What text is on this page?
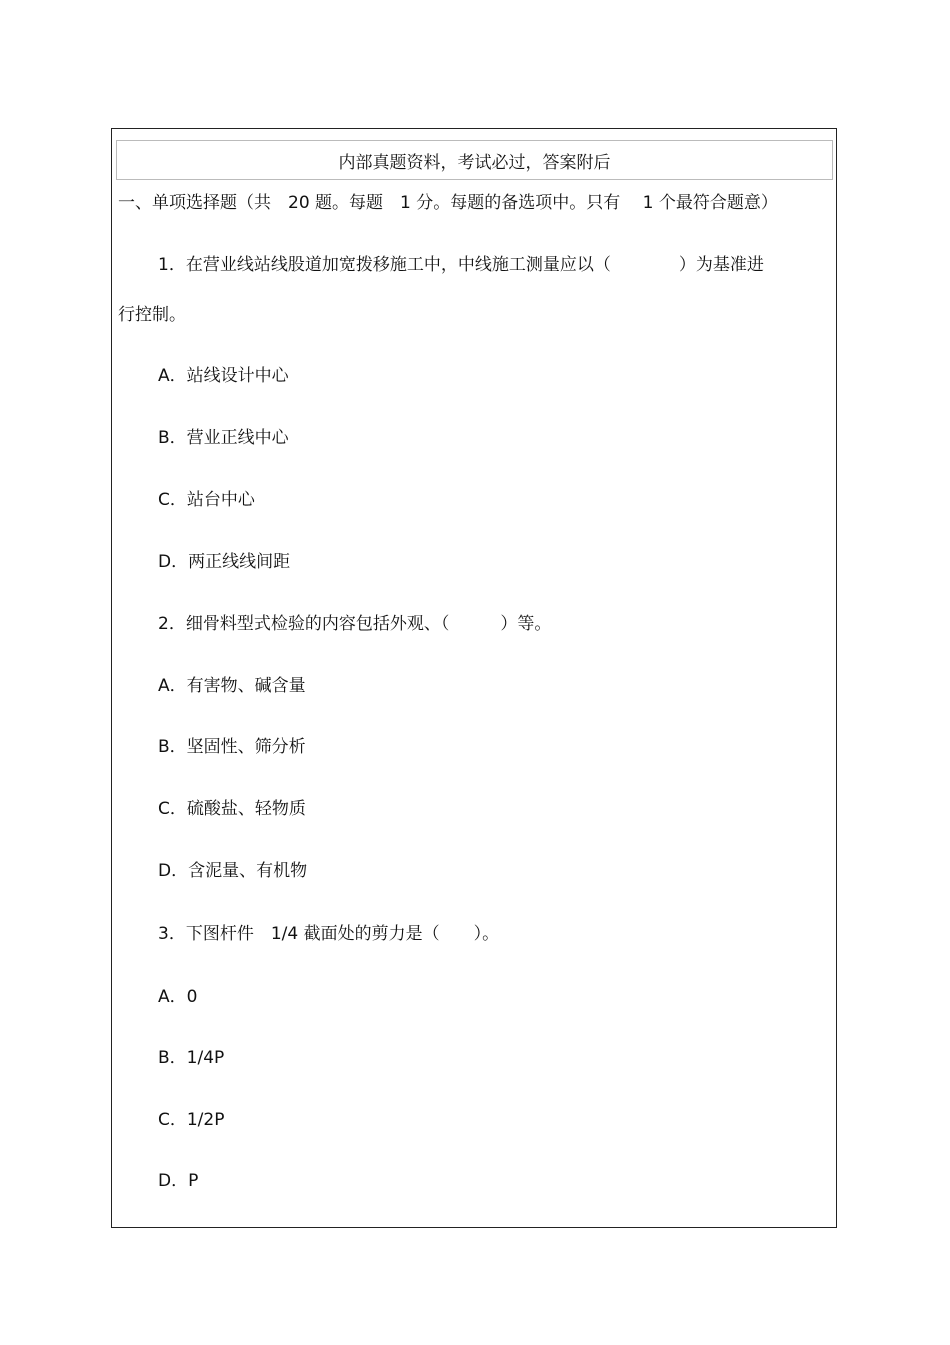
内部真题资料，考试必过，答案附后
一、单项选择题（共　20 题。每题　1 分。每题的备选项中。只有　 1 个最符合题意）
1．在营业线站线股道加宽拨移施工中，中线施工测量应以（　　　　）为基准进
行控制。
A．站线设计中心
B．营业正线中心
C．站台中心
D．两正线线间距
2．细骨料型式检验的内容包括外观、（　　　）等。
A．有害物、碱含量
B．坚固性、筛分析
C．硫酸盐、轻物质
D．含泥量、有机物
3．下图杆件　1/4 截面处的剪力是（　　）。
A．0
B．1/4P
C．1/2P
D．P
